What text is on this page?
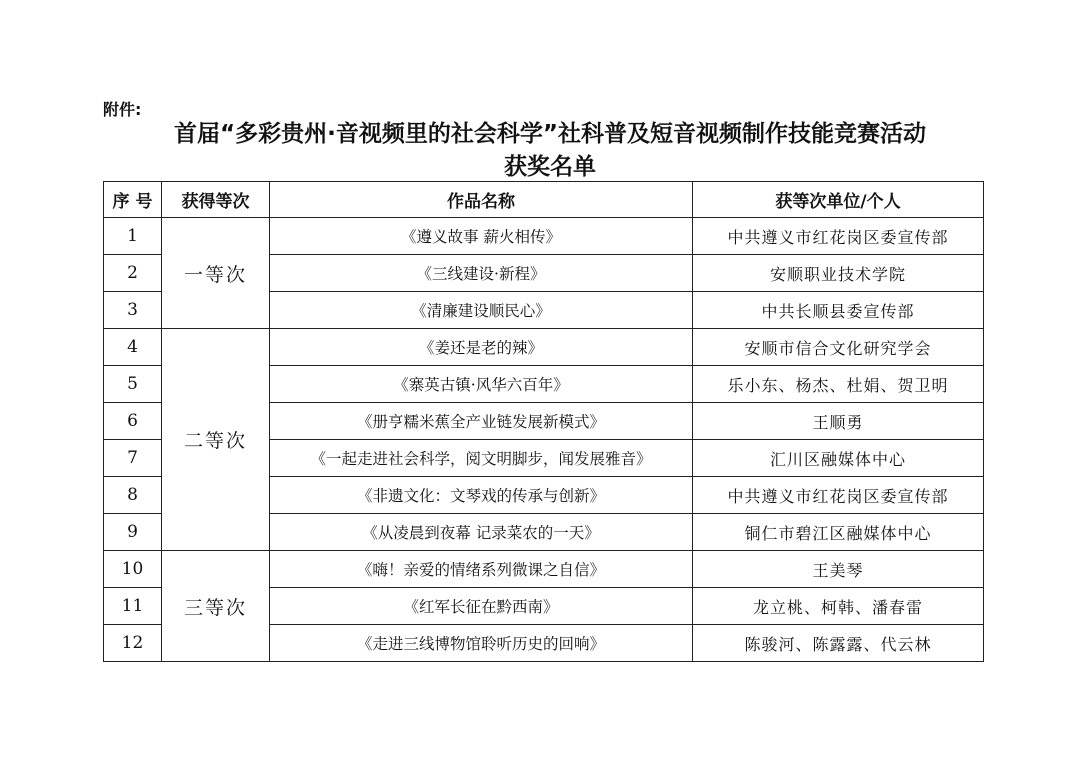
附件:
首届“多彩贵州·音视频里的社会科学”社科普及短音视频制作技能竞赛活动
获奖名单
序 号	获得等次	作品名称	获等次单位/个人
1	一等次	《遵义故事 薪火相传》	中共遵义市红花岗区委宣传部
2		《三线建设·新程》	安顺职业技术学院
3		《清廉建设顺民心》	中共长顺县委宣传部
4	二等次	《姜还是老的辣》	安顺市信合文化研究学会
5		《寨英古镇·风华六百年》	乐小东、杨杰、杜娟、贺卫明
6		《册亨糯米蕉全产业链发展新模式》	王顺勇
7		《一起走进社会科学，阅文明脚步，闻发展雅音》	汇川区融媒体中心
8		《非遗文化：文琴戏的传承与创新》	中共遵义市红花岗区委宣传部
9		《从凌晨到夜幕 记录菜农的一天》	铜仁市碧江区融媒体中心
10	三等次	《嗨！亲爱的情绪系列微课之自信》	王美琴
11		《红军长征在黔西南》	龙立桃、柯韩、潘春雷
12		《走进三线博物馆聆听历史的回响》	陈骏河、陈露露、代云林
